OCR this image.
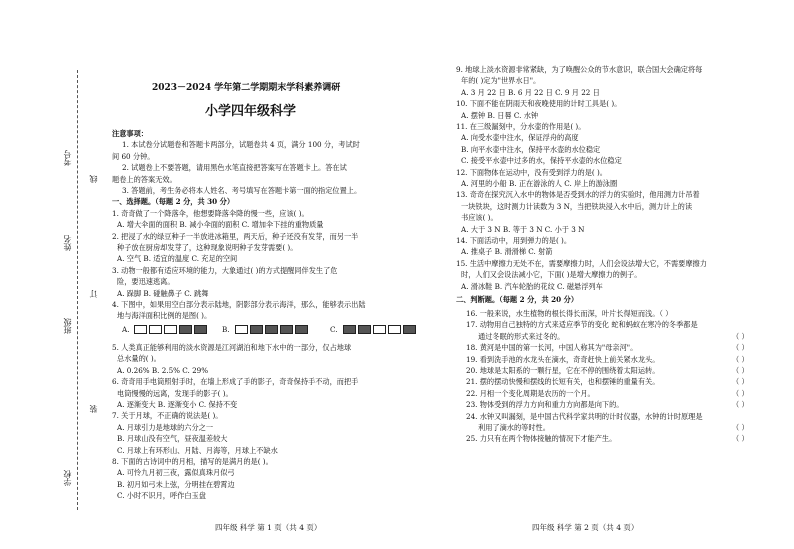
考号
姓名
班级
学校
线
订
装
2023－2024 学年第二学期期末学科素养调研
小学四年级科学
注意事项：
1. 本试卷分试题卷和答题卡两部分，试题卷共 4 页，满分 100 分，考试时
间 60 分钟。
2. 试题卷上不要答题，请用黑色水笔直接把答案写在答题卡上。答在试
题卷上的答案无效。
3. 答题前，考生务必将本人姓名、考号填写在答题卡第一面的指定位置上。
一、选择题。（每题 2 分，共 30 分）
1. 奇奇做了一个降落伞，他想要降落伞降的慢一些，应该( )。
A. 增大伞面的面积 B. 减小伞面的面积 C. 增加伞下挂的重物质量
2. 把浸了水的绿豆种子一半放进冰箱里，两天后，种子还没有发芽，而另一半
种子放在厨房却发芽了，这种现象说明种子发芽需要( )。
A. 空气 B. 适宜的温度 C. 充足的空间
3. 动物一般都有适应环境的能力，大象通过( )的方式提醒同伴发生了危
险，要迅速逃离。
A. 跺脚 B. 碰触鼻子 C. 跳舞
4. 下图中，如果用空白部分表示陆地，阴影部分表示海洋，那么，能够表示出陆
地与海洋面积比例的是图( )。
A.	B.	C.
5. 人类真正能够利用的淡水资源是江河湖泊和地下水中的一部分，仅占地球
总水量的( )。
A. 0.26% B. 2.5% C. 29%
6. 奇奇用手电筒照射手时，在墙上形成了手的影子，奇奇保持手不动，而把手
电筒慢慢的远离，发现手的影子( )。
A. 逐渐变大 B. 逐渐变小 C. 保持不变
7. 关于月球，不正确的说法是( )。
A. 月球引力是地球的六分之一
B. 月球山没有空气，昼夜温差较大
C. 月球上有环形山、月陆、月海等，月球上不缺水
8. 下面的古诗词中的月相，描写的是满月的是( )。
A. 可怜九月初三夜，露似真珠月似弓
B. 初月如弓未上弦，分明挂在碧霄边
C. 小时不识月，呼作白玉盘
9. 地球上淡水资源非常紧缺，为了唤醒公众的节水意识，联合国大会确定将每
年的( )定为"世界水日"。
A. 3 月 22 日 B. 6 月 22 日 C. 9 月 22 日
10. 下面不能在阴雨天和夜晚使用的计时工具是( )。
A. 摆钟 B. 日晷 C. 水钟
11. 在三级漏刻中，分水壶的作用是( )。
A. 向受水壶中注水，保证浮舟的高度
B. 向平水壶中注水，保持平水壶的水位稳定
C. 接受平水壶中过多的水，保持平水壶的水位稳定
12. 下面物体在运动中，没有受到浮力的是( )。
A. 河里的小船 B. 正在游泳的人 C. 岸上的游泳圈
13. 奇奇在探究沉入水中的物体是否受到水的浮力的实验时，他用测力计吊着
一块铁块，这时测力计读数为 3 N，当把铁块浸入水中后，测力计上的读
书应该( )。
A. 大于 3 N B. 等于 3 N C. 小于 3 N
14. 下面活动中，用到弹力的是( )。
A. 推桌子 B. 滑滑梯 C. 射箭
15. 生活中摩擦力无处不在，需要摩擦力时，人们会设法增大它，不需要摩擦力
时，人们又会设法减小它，下面( )是增大摩擦力的例子。
A. 滑冰鞋 B. 汽车轮胎的花纹 C. 磁悬浮列车
二、判断题。（每题 2 分，共 20 分）
16. 一般来说，水生植物的根长得长而深，叶片长得短而浅。（ ）
17. 动物用自己独特的方式来适应季节的变化 蛇和蚂蚁在寒冷的冬季都是
通过冬眠的形式来过冬的。
18. 黄河是中国的第一长河，中国人称其为"母亲河"。
19. 看到洗手池的水龙头在滴水，奇奇赶快上前关紧水龙头。
20. 地球是太阳系的一颗行星，它在不停的围绕着太阳运转。
21. 摆的摆动快慢和摆线的长短有关，也和摆锤的重量有关。
22. 月相一个变化周期是农历的一个月。
23. 物体受到的浮力方向和重力方向都是向下的。
24. 水钟又叫漏刻，是中国古代科学家共明的计时仪器，水钟的计时原理是
利用了滴水的等时性。
25. 力只有在两个物体接触的情况下才能产生。
（ ）
（ ）
（ ）
（ ）
（ ）
（ ）
（ ）
（ ）
（ ）
四年级 科学 第 1 页（共 4 页）	四年级 科学 第 2 页（共 4 页）
